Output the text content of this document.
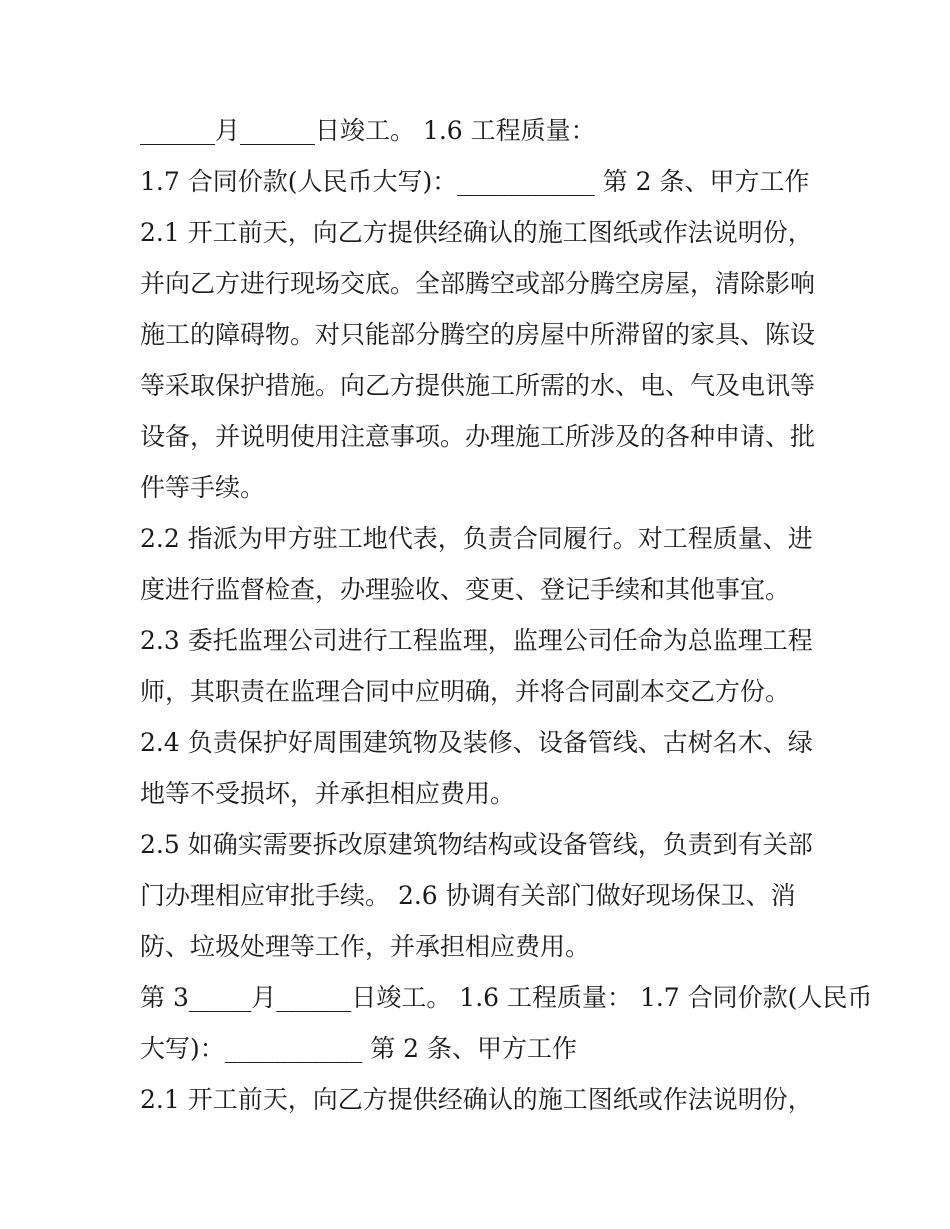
______月______日竣工。 1.6 工程质量：
1.7 合同价款(人民币大写)：___________ 第 2 条、甲方工作
2.1 开工前天，向乙方提供经确认的施工图纸或作法说明份，
并向乙方进行现场交底。全部腾空或部分腾空房屋，清除影响
施工的障碍物。对只能部分腾空的房屋中所滞留的家具、陈设
等采取保护措施。向乙方提供施工所需的水、电、气及电讯等
设备，并说明使用注意事项。办理施工所涉及的各种申请、批
件等手续。
2.2 指派为甲方驻工地代表，负责合同履行。对工程质量、进
度进行监督检查，办理验收、变更、登记手续和其他事宜。
2.3 委托监理公司进行工程监理，监理公司任命为总监理工程
师，其职责在监理合同中应明确，并将合同副本交乙方份。
2.4 负责保护好周围建筑物及装修、设备管线、古树名木、绿
地等不受损坏，并承担相应费用。
2.5 如确实需要拆改原建筑物结构或设备管线，负责到有关部
门办理相应审批手续。 2.6 协调有关部门做好现场保卫、消
防、垃圾处理等工作，并承担相应费用。
第 3_____月______日竣工。 1.6 工程质量： 1.7 合同价款(人民币
大写)：___________ 第 2 条、甲方工作
2.1 开工前天，向乙方提供经确认的施工图纸或作法说明份，
